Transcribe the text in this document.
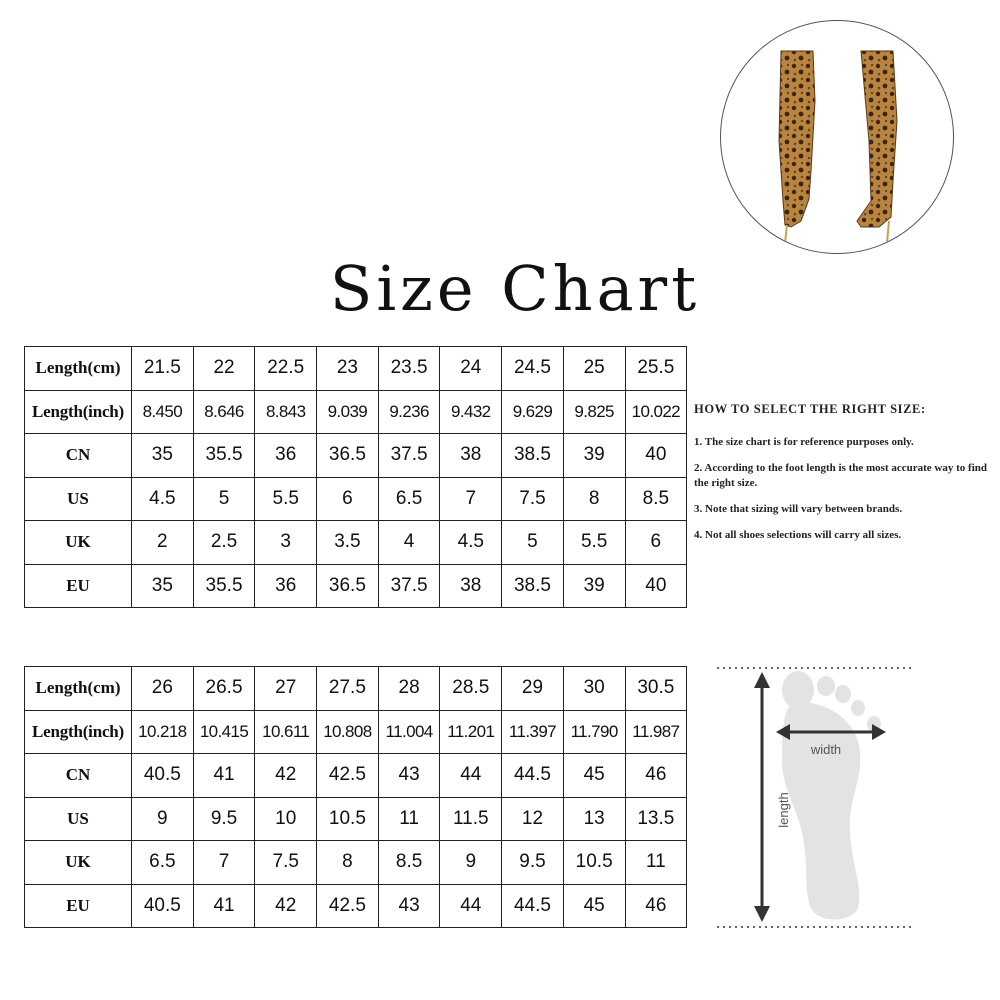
Size Chart
Length(cm)	21.5	22	22.5	23	23.5	24	24.5	25	25.5
Length(inch)	8.450	8.646	8.843	9.039	9.236	9.432	9.629	9.825	10.022
CN	35	35.5	36	36.5	37.5	38	38.5	39	40
US	4.5	5	5.5	6	6.5	7	7.5	8	8.5
UK	2	2.5	3	3.5	4	4.5	5	5.5	6
EU	35	35.5	36	36.5	37.5	38	38.5	39	40
Length(cm)	26	26.5	27	27.5	28	28.5	29	30	30.5
Length(inch)	10.218	10.415	10.611	10.808	11.004	11.201	11.397	11.790	11.987
CN	40.5	41	42	42.5	43	44	44.5	45	46
US	9	9.5	10	10.5	11	11.5	12	13	13.5
UK	6.5	7	7.5	8	8.5	9	9.5	10.5	11
EU	40.5	41	42	42.5	43	44	44.5	45	46
HOW TO SELECT THE RIGHT SIZE:
1. The size chart is for reference purposes only.
2. According to the foot length is the most accurate way to find the right size.
3. Note that sizing will vary between brands.
4. Not all shoes selections will carry all sizes.
length
width
